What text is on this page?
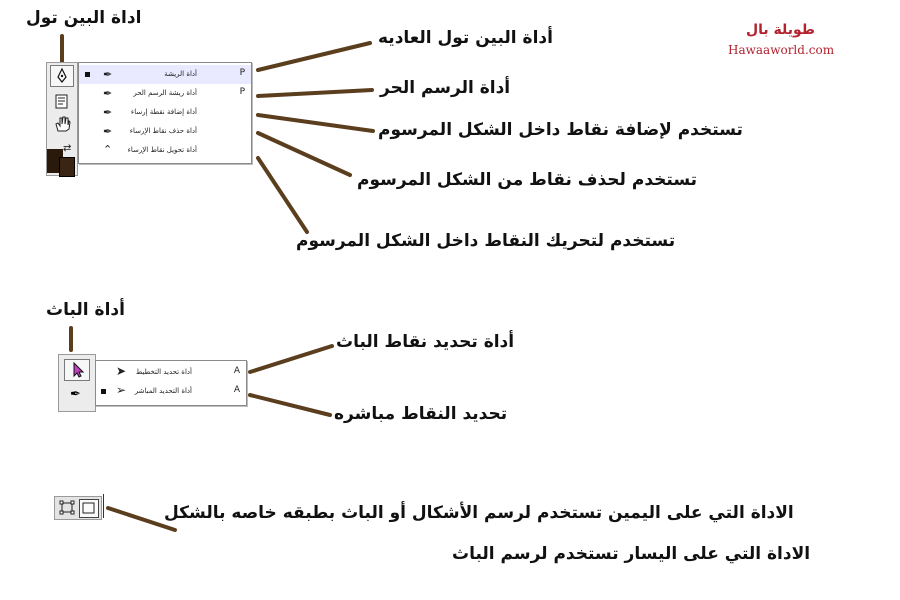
طويلة بال
Hawaaworld.com
اداة البين تول
⇄
✒	أداة الريشة	P
✒	أداة ريشة الرسم الحر	P
✒	أداة إضافة نقطة إرساء
✒ أداة حذف نقاط الإرساء
⌃ أداة تحويل نقاط الإرساء
أداة البين تول العاديه
أداة الرسم الحر
تستخدم لإضافة نقاط داخل الشكل المرسوم
تستخدم لحذف نقاط من الشكل المرسوم
تستخدم لتحريك النقاط داخل الشكل المرسوم
أداة الباث
✒
➤ أداة تحديد التخطيط	A
➢ أداة التحديد المباشر	A
أداة تحديد نقاط الباث
تحديد النقاط مباشره
الاداة التي على اليمين تستخدم لرسم الأشكال أو الباث بطبقه خاصه بالشكل
الاداة التي على اليسار تستخدم لرسم الباث
